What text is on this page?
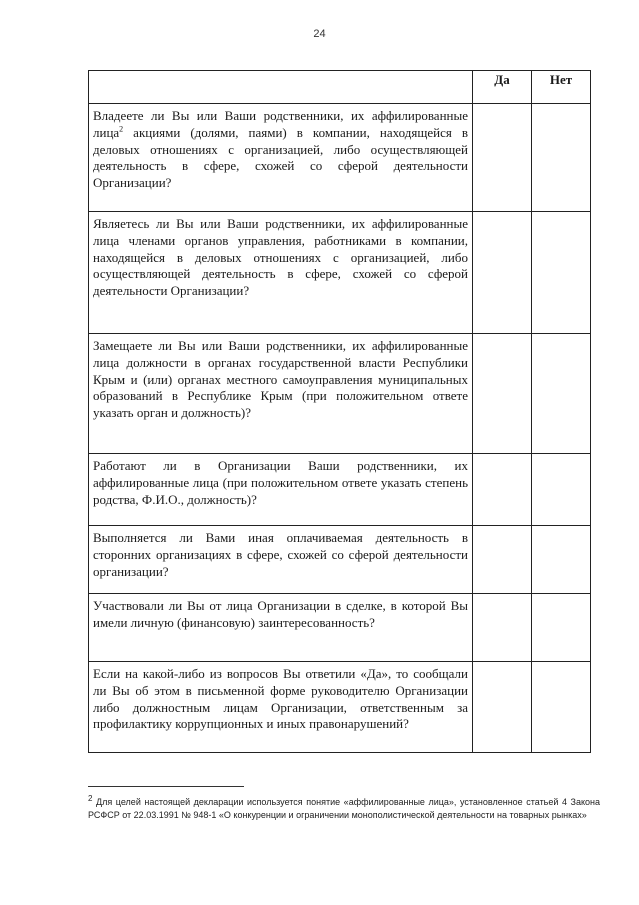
24
	Да	Нет

Владеете ли Вы или Ваши родственники, их аффилированные лица$^2$ акциями (долями, паями) в компании, находящейся в деловых отношениях с организацией, либо осуществляющей деятельность в сфере, схожей со сферой деятельности Организации?		

Являетесь ли Вы или Ваши родственники, их аффилированные лица членами органов управления, работниками в компании, находящейся в деловых отношениях с организацией, либо осуществляющей деятельность в сфере, схожей со сферой деятельности Организации?		

Замещаете ли Вы или Ваши родственники, их аффилированные лица должности в органах государственной власти Республики Крым и (или) органах местного самоуправления муниципальных образований в Республике Крым (при положительном ответе указать орган и должность)?		

Работают ли в Организации Ваши родственники, их аффилированные лица (при положительном ответе указать степень родства, Ф.И.О., должность)?		

Выполняется ли Вами иная оплачиваемая деятельность в сторонних организациях в сфере, схожей со сферой деятельности организации?		

Участвовали ли Вы от лица Организации в сделке, в которой Вы имели личную (финансовую) заинтересованность?		

Если на какой-либо из вопросов Вы ответили «Да», то сообщали ли Вы об этом в письменной форме руководителю Организации либо должностным лицам Организации, ответственным за профилактику коррупционных и иных правонарушений?		

$^2$ Для целей настоящей декларации используется понятие «аффилированные лица», установленное статьей 4 Закона РСФСР от 22.03.1991 № 948-1 «О конкуренции и ограничении монополистической деятельности на товарных рынках»
